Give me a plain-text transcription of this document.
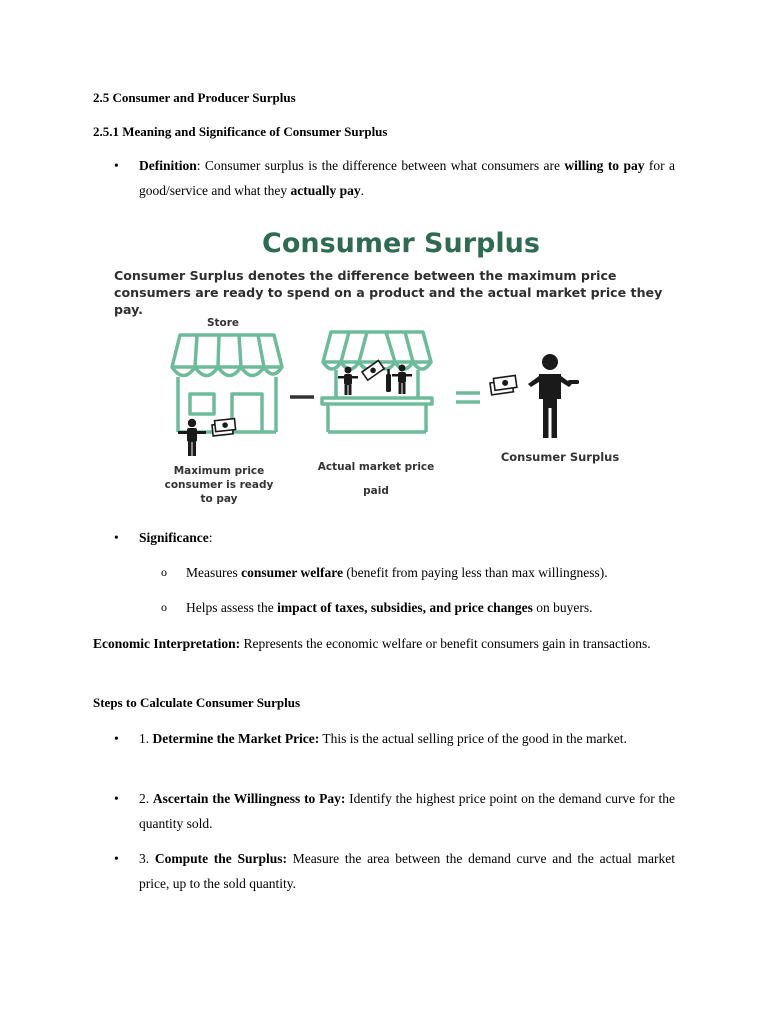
2.5 Consumer and Producer Surplus
2.5.1 Meaning and Significance of Consumer Surplus
• Definition: Consumer surplus is the difference between what consumers are willing to pay for a good/service and what they actually pay.
• Significance:
o Measures consumer welfare (benefit from paying less than max willingness).
o Helps assess the impact of taxes, subsidies, and price changes on buyers.
Economic Interpretation: Represents the economic welfare or benefit consumers gain in transactions.
Steps to Calculate Consumer Surplus
• 1. Determine the Market Price: This is the actual selling price of the good in the market.
• 2. Ascertain the Willingness to Pay: Identify the highest price point on the demand curve for the quantity sold.
• 3. Compute the Surplus: Measure the area between the demand curve and the actual market price, up to the sold quantity.
Consumer Surplus
Consumer Surplus denotes the difference between the maximum price consumers are ready to spend on a product and the actual market price they pay.
Store
Maximum price consumer is ready to pay
Actual market price
paid
Consumer Surplus
